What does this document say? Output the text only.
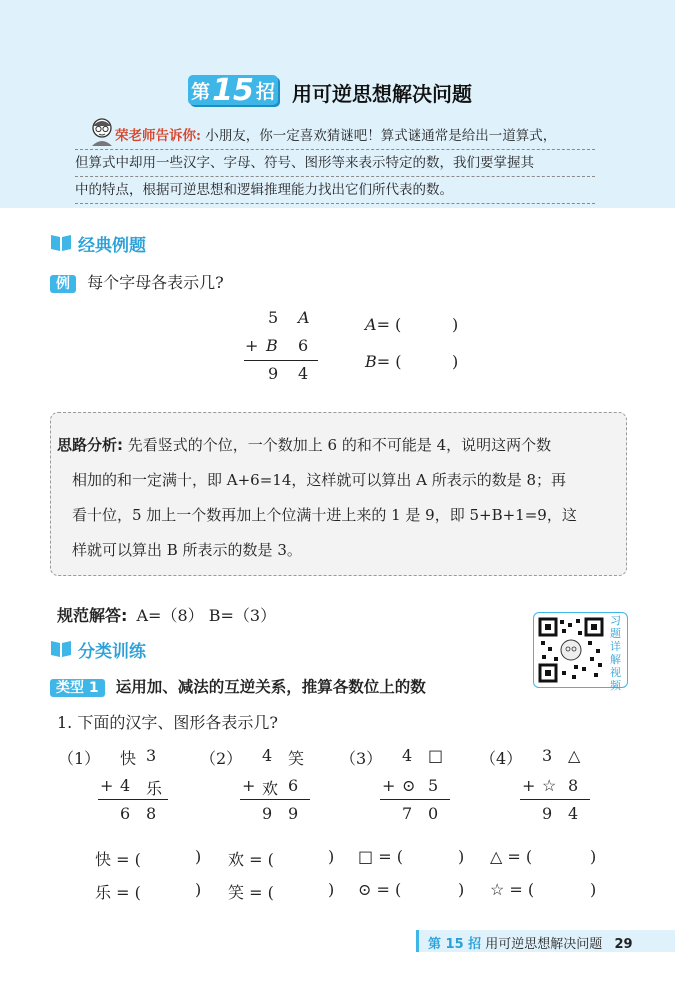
第 15 招 用可逆思想解决问题
荣老师告诉你: 小朋友，你一定喜欢猜谜吧！算式谜通常是给出一道算式，
但算式中却用一些汉字、字母、符号、图形等来表示特定的数，我们要掌握其
中的特点，根据可逆思想和逻辑推理能力找出它们所代表的数。
经典例题
例 每个字母各表示几?
5 A
+ B 6
9 4
A= (	)
B= (	)
思路分析: 先看竖式的个位，一个数加上 6 的和不可能是 4，说明这两个数
相加的和一定满十，即 A+6=14，这样就可以算出 A 所表示的数是 8；再
看十位，5 加上一个数再加上个位满十进上来的 1 是 9，即 5+B+1=9，这
样就可以算出 B 所表示的数是 3。
规范解答: A=（8） B=（3）	习题详解视频
分类训练
类型 1 运用加、减法的互逆关系，推算各数位上的数
1. 下面的汉字、图形各表示几?
（1） 快 3
+ 4 乐
6 8
（2） 4 笑
+ 欢 6
9 9
（3） 4 □
+ ⊙ 5
7 0
（4） 3 △
+ ☆ 8
9 4
快 = (	) 欢 = (	) □ = (	) △ = (	)
乐 = (	) 笑 = (	) ⊙ = (	) ☆ = (	)
第 15 招 用可逆思想解决问题 29
